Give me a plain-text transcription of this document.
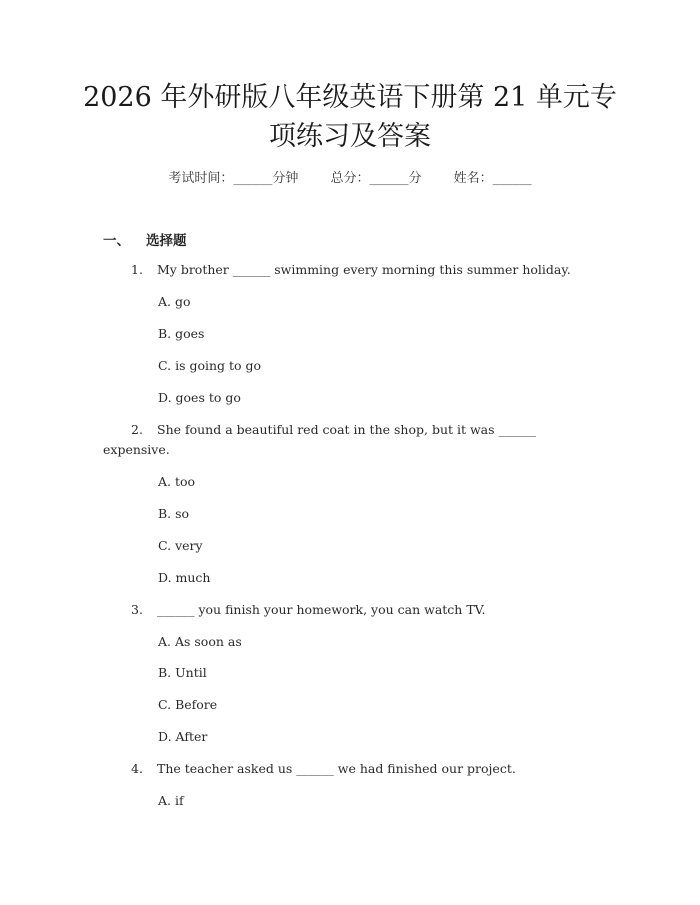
2026 年外研版八年级英语下册第 21 单元专
项练习及答案
考试时间：______分钟 总分：______分 姓名：______
一、 选择题
1. My brother ______ swimming every morning this summer holiday.
A. go
B. goes
C. is going to go
D. goes to go
2. She found a beautiful red coat in the shop, but it was ______
expensive.
A. too
B. so
C. very
D. much
3. ______ you finish your homework, you can watch TV.
A. As soon as
B. Until
C. Before
D. After
4. The teacher asked us ______ we had finished our project.
A. if
